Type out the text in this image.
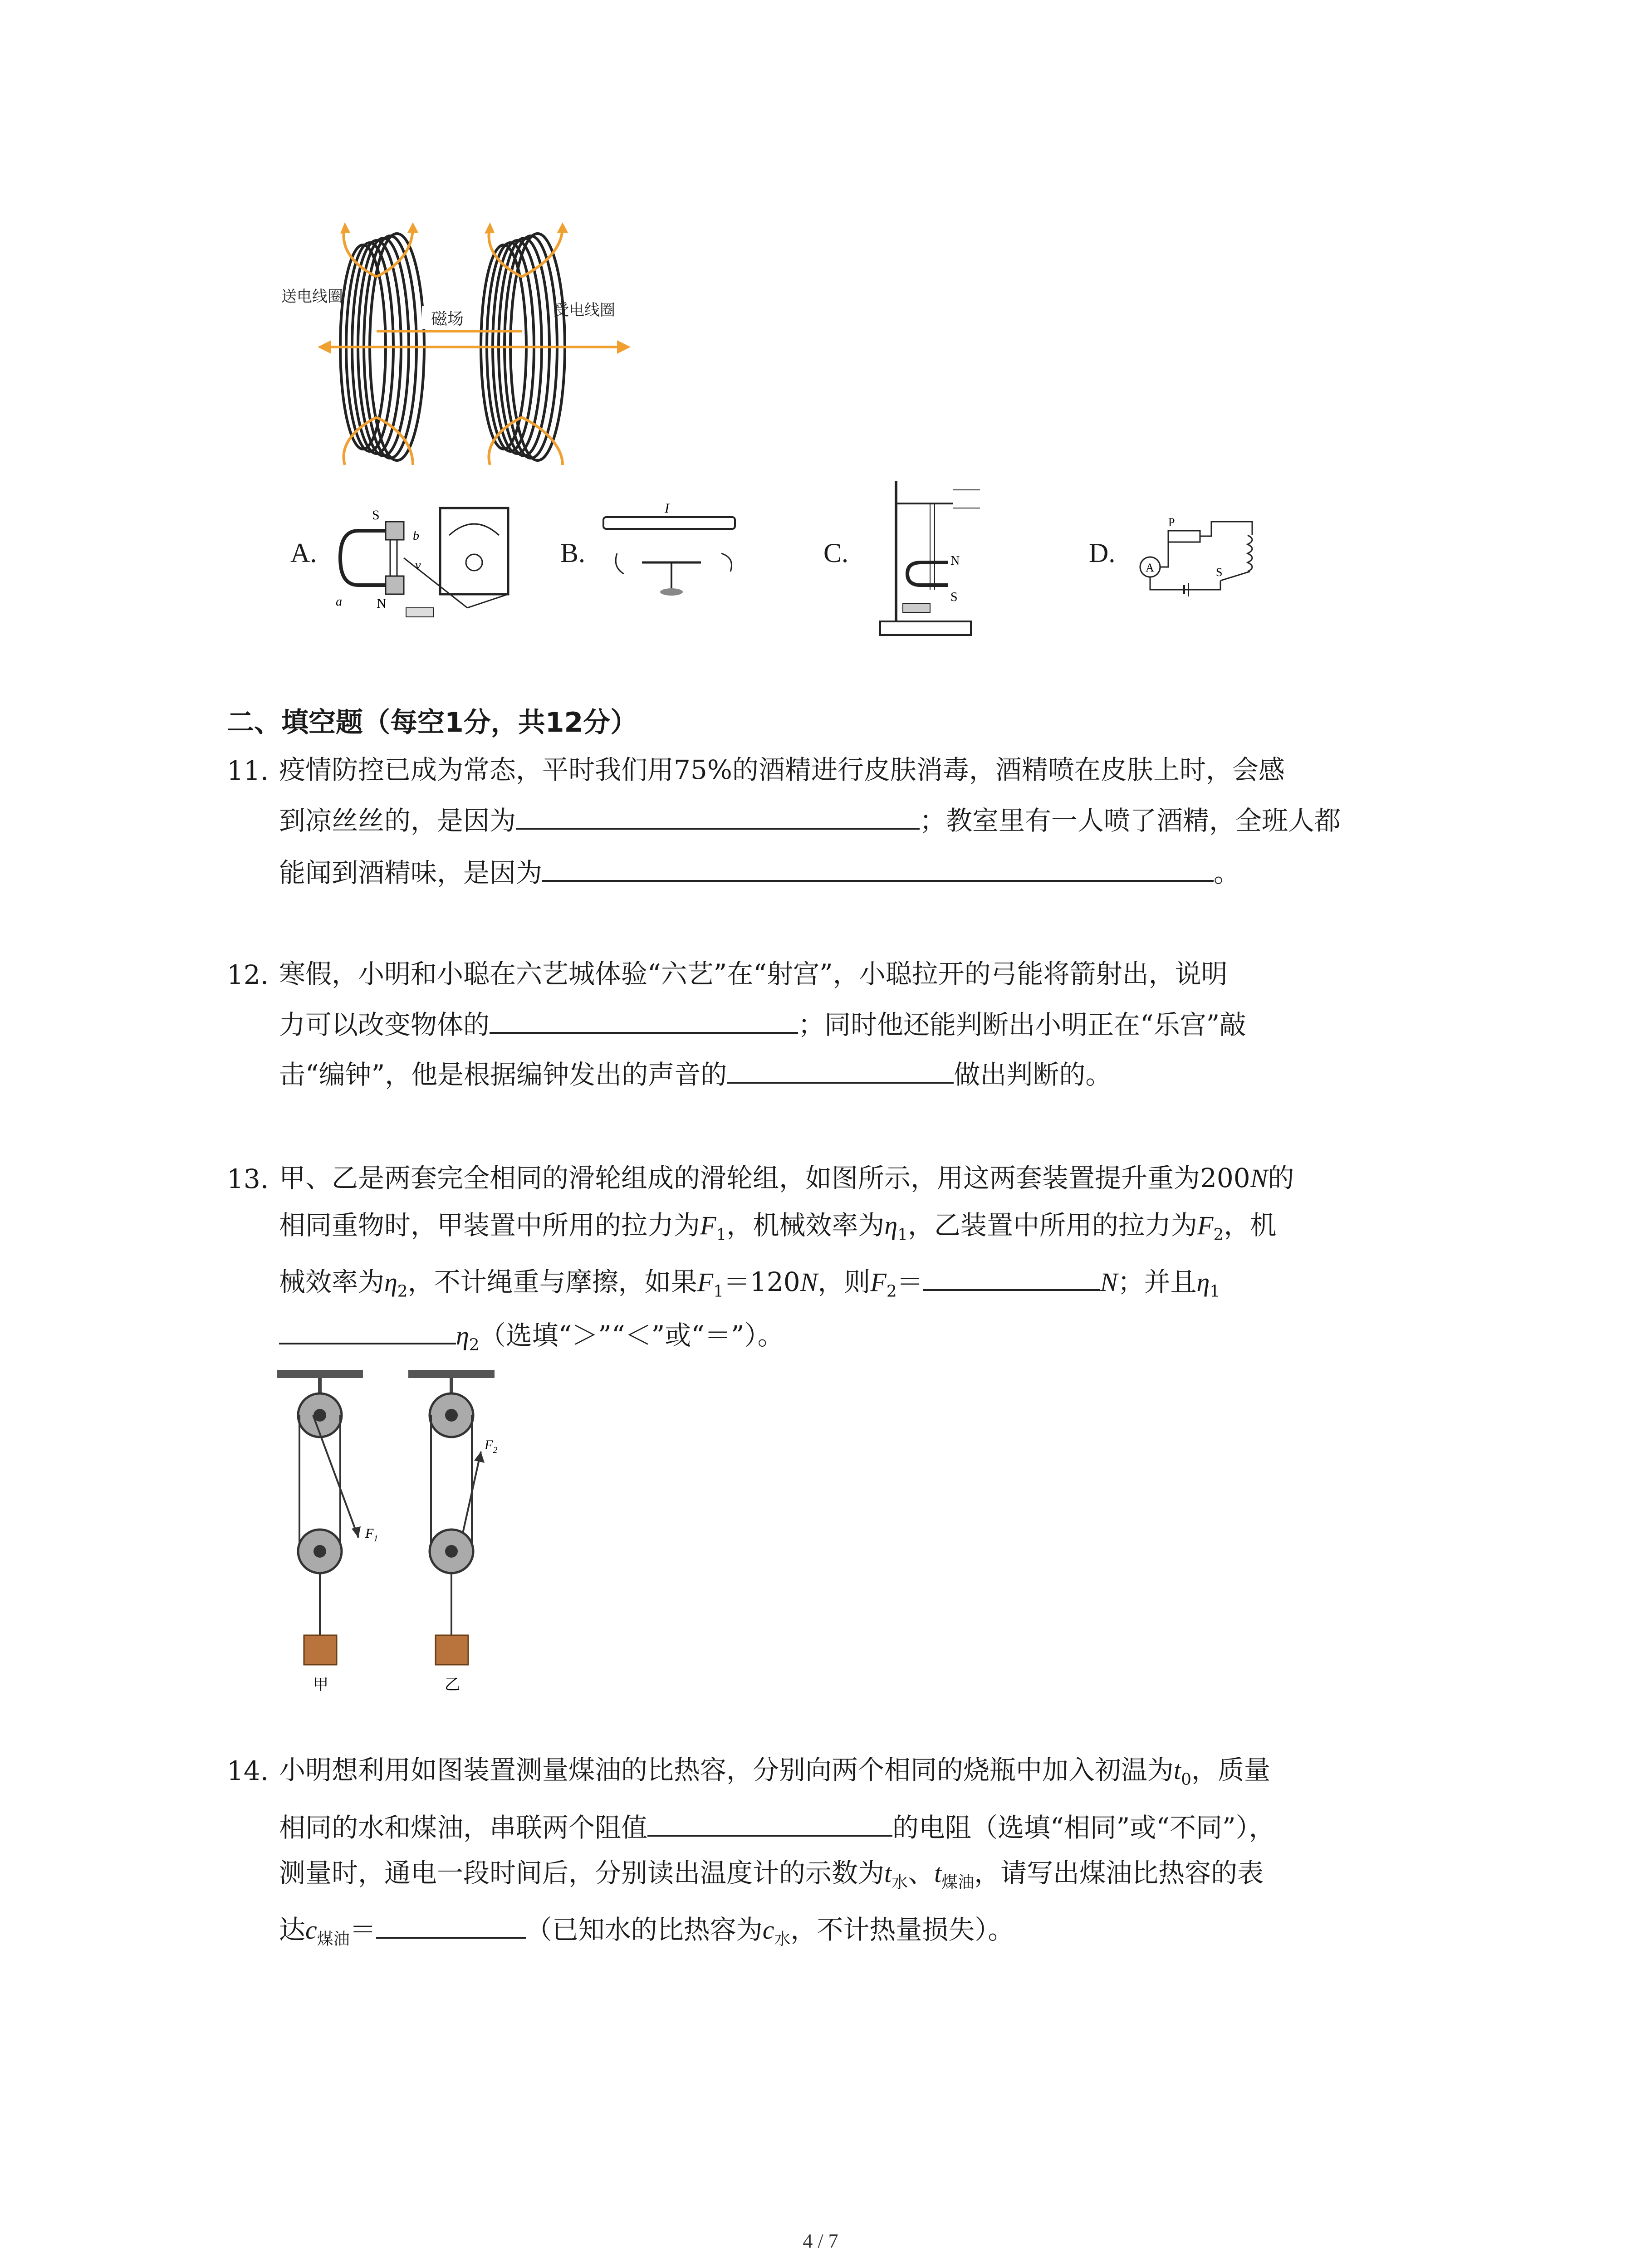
磁场
送电线圈
受电线圈
A.
S
N
a
b
v	B.
I
C.	N
S
D.	A
P
S
二、填空题（每空1分，共12分）
11. 疫情防控已成为常态，平时我们用75%的酒精进行皮肤消毒，酒精喷在皮肤上时，会感
到凉丝丝的，是因为	；教室里有一人喷了酒精，全班人都
能闻到酒精味，是因为	。
12. 寒假，小明和小聪在六艺城体验“六艺”在“射宫”，小聪拉开的弓能将箭射出，说明
力可以改变物体的	；同时他还能判断出小明正在“乐宫”敲
击“编钟”，他是根据编钟发出的声音的	做出判断的。
13. 甲、乙是两套完全相同的滑轮组成的滑轮组，如图所示，用这两套装置提升重为200N的
相同重物时，甲装置中所用的拉力为$F_1$，机械效率为$\eta_1$，乙装置中所用的拉力为$F_2$，机
械效率为$\eta_2$，不计绳重与摩擦，如果$F_1=120N$，则$F_2=$	N；并且$\eta_1$
$\eta_2$（选填“＞”“＜”或“＝”）。
$F_1$
$F_2$
甲	乙
14. 小明想利用如图装置测量煤油的比热容，分别向两个相同的烧瓶中加入初温为$t_0$，质量
相同的水和煤油，串联两个阻值	的电阻（选填“相同”或“不同”），
测量时，通电一段时间后，分别读出温度计的示数为$t_水$、$t_{煤油}$，请写出煤油比热容的表
达$c_{煤油}=$	（已知水的比热容为$c_水$，不计热量损失）。
4 / 7
